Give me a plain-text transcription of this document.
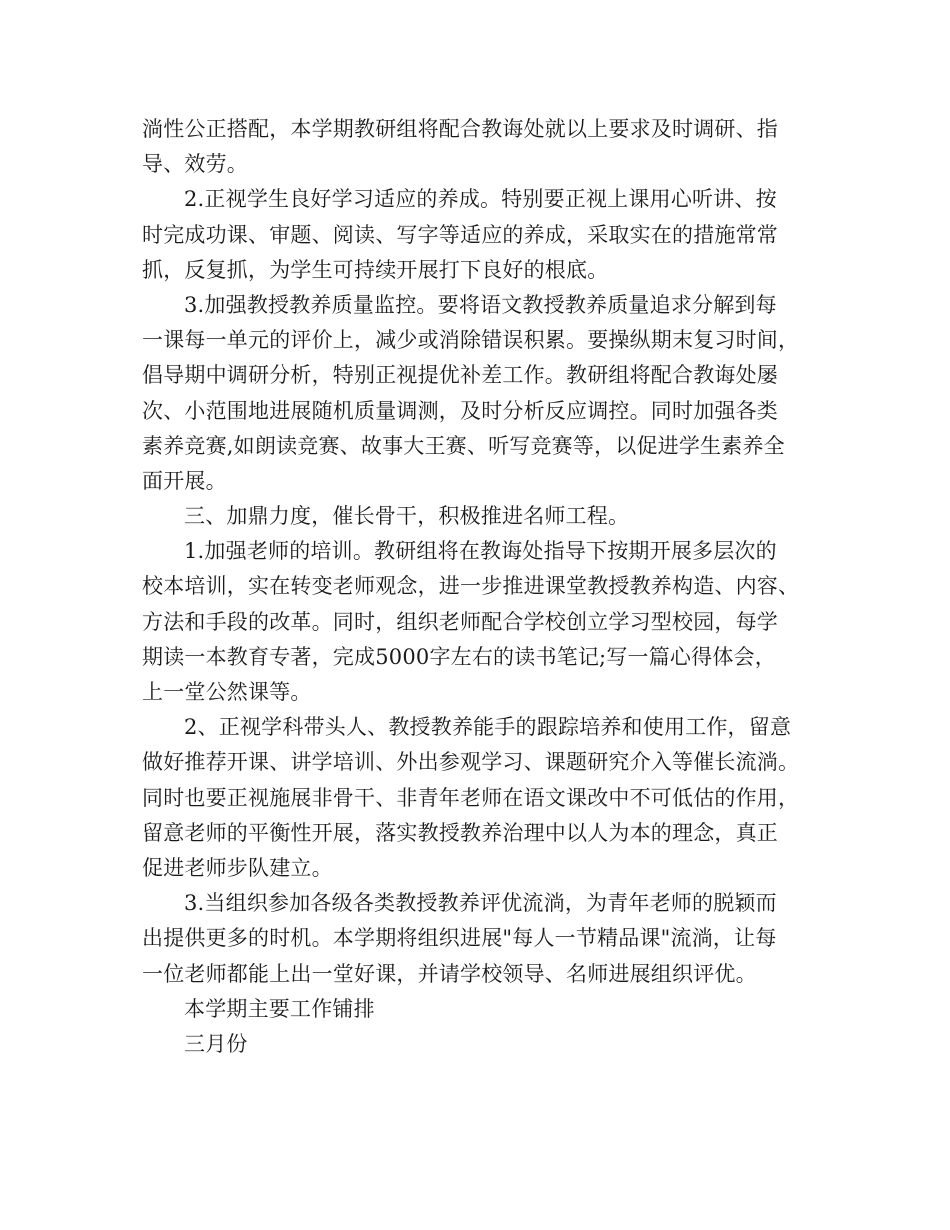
淌性公正搭配，本学期教研组将配合教诲处就以上要求及时调研、指
导、效劳。
2.正视学生良好学习适应的养成。特别要正视上课用心听讲、按
时完成功课、审题、阅读、写字等适应的养成，采取实在的措施常常
抓，反复抓，为学生可持续开展打下良好的根底。
3.加强教授教养质量监控。要将语文教授教养质量追求分解到每
一课每一单元的评价上，减少或消除错误积累。要操纵期末复习时间，
倡导期中调研分析，特别正视提优补差工作。教研组将配合教诲处屡
次、小范围地进展随机质量调测，及时分析反应调控。同时加强各类
素养竞赛,如朗读竞赛、故事大王赛、听写竞赛等，以促进学生素养全
面开展。
三、加鼎力度，催长骨干，积极推进名师工程。
1.加强老师的培训。教研组将在教诲处指导下按期开展多层次的
校本培训，实在转变老师观念，进一步推进课堂教授教养构造、内容、
方法和手段的改革。同时，组织老师配合学校创立学习型校园，每学
期读一本教育专著，完成5000字左右的读书笔记;写一篇心得体会，
上一堂公然课等。
2、正视学科带头人、教授教养能手的跟踪培养和使用工作，留意
做好推荐开课、讲学培训、外出参观学习、课题研究介入等催长流淌。
同时也要正视施展非骨干、非青年老师在语文课改中不可低估的作用，
留意老师的平衡性开展，落实教授教养治理中以人为本的理念，真正
促进老师步队建立。
3.当组织参加各级各类教授教养评优流淌，为青年老师的脱颖而
出提供更多的时机。本学期将组织进展"每人一节精品课"流淌，让每
一位老师都能上出一堂好课，并请学校领导、名师进展组织评优。
本学期主要工作铺排
三月份
